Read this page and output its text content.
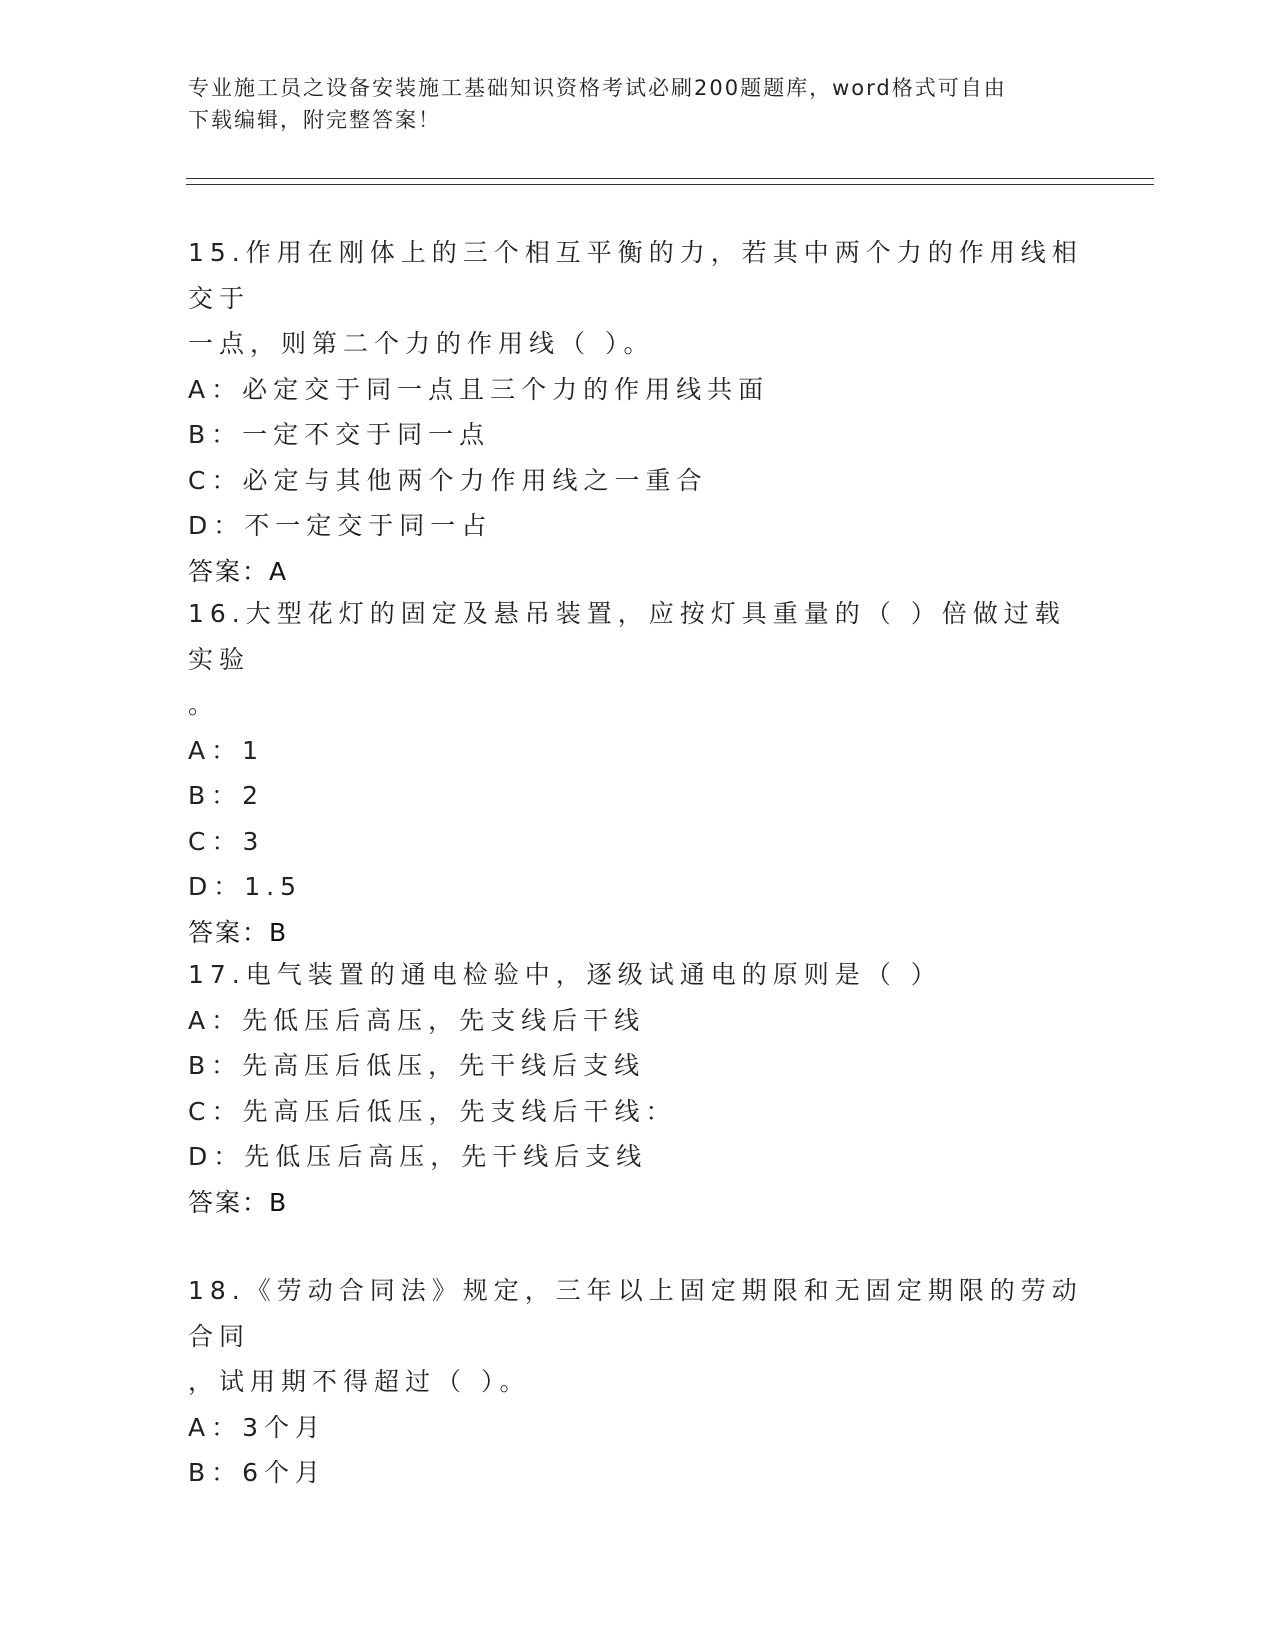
专业施工员之设备安装施工基础知识资格考试必刷200题题库，word格式可自由
下载编辑，附完整答案！
15.作用在刚体上的三个相互平衡的力，若其中两个力的作用线相交于
一点，则第二个力的作用线（ ）。
A：必定交于同一点且三个力的作用线共面
B：一定不交于同一点
C：必定与其他两个力作用线之一重合
D：不一定交于同一占
答案：A
16.大型花灯的固定及悬吊装置，应按灯具重量的（ ）倍做过载实验
。
A：1
B：2
C：3
D：1.5
答案：B
17.电气装置的通电检验中，逐级试通电的原则是（ ）
A：先低压后高压，先支线后干线
B：先高压后低压，先干线后支线
C：先高压后低压，先支线后干线：
D：先低压后高压，先干线后支线
答案：B
18.《劳动合同法》规定，三年以上固定期限和无固定期限的劳动合同
，试用期不得超过（ ）。
A：3个月
B：6个月
